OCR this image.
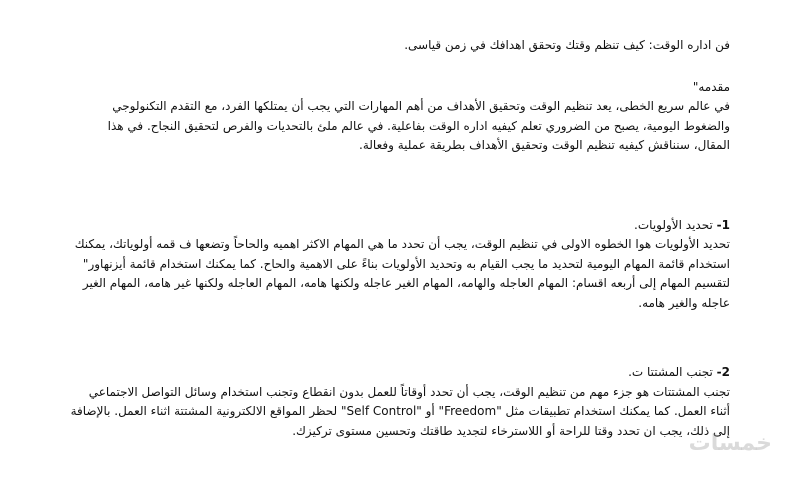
فن اداره الوقت: كيف تنظم وقتك وتحقق اهدافك في زمن قياسى.

مقدمه"

في عالم سريع الخطى، يعد تنظيم الوقت وتحقيق الأهداف من أهم المهارات التي يجب أن يمتلكها الفرد، مع التقدم التكنولوجي والضغوط اليومية، يصبح من الضروري تعلم كيفيه اداره الوقت بفاعلية. في عالم ملئ بالتحديات والفرص لتحقيق النجاح. في هذا المقال، سنناقش كيفيه تنظيم الوقت وتحقيق الأهداف بطريقة عملية وفعالة.

1- تحديد الأولويات.

تحديد الأولويات هوا الخطوه الاولى في تنظيم الوقت، يجب أن تحدد ما هي المهام الاكثر اهميه والحاحاً وتضعها ف قمه أولوياتك، يمكنك استخدام قائمة المهام اليومية لتحديد ما يجب القيام به وتحديد الأولويات بناءً على الاهمية والحاح. كما يمكنك استخدام قائمة أيزنهاور" لتقسيم المهام إلى أربعه اقسام: المهام العاجله والهامه، المهام الغير عاجله ولكنها هامه، المهام العاجله ولكنها غير هامه، المهام الغير عاجله والغير هامه.

2- تجنب المشتتا ت.

تجنب المشتتات هو جزء مهم من تنظيم الوقت، يجب أن تحدد أوقاتاً للعمل بدون انقطاع وتجنب استخدام وسائل التواصل الاجتماعي أثناء العمل. كما يمكنك استخدام تطبيقات مثل "Freedom" أو "Self Control" لحظر المواقع الالكترونية المشتتة اثناء العمل. بالإضافة إلى ذلك، يجب ان تحدد وقتا للراحة أو اللاسترخاء لتجديد طاقتك وتحسين مستوى تركيزك.

خمسات
